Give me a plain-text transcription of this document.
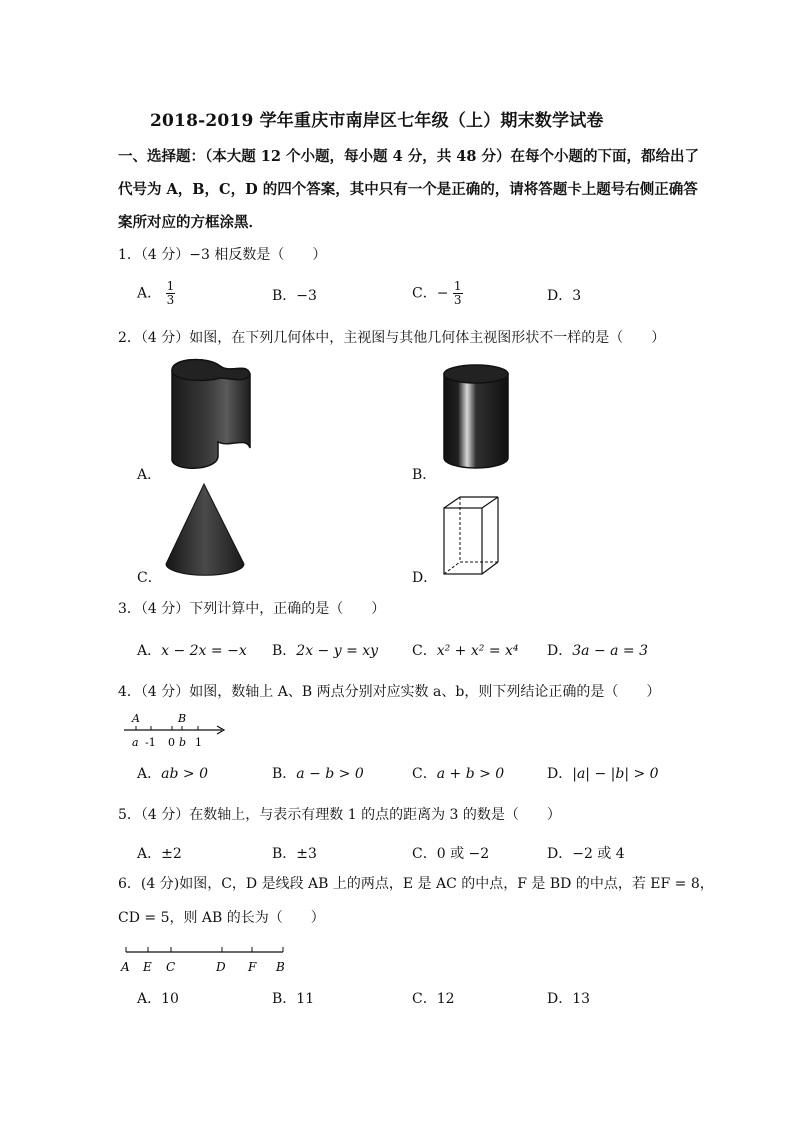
2018-2019 学年重庆市南岸区七年级（上）期末数学试卷
一、选择题：（本大题 12 个小题，每小题 4 分，共 48 分）在每个小题的下面，都给出了
代号为 A，B，C，D 的四个答案，其中只有一个是正确的，请将答题卡上题号右侧正确答
案所对应的方框涂黑．
1．（4 分）−3 相反数是（　　）
A． $\frac{1}{3}$	B．−3	C．− $\frac{1}{3}$	D．3
2．（4 分）如图，在下列几何体中，主视图与其他几何体主视图形状不一样的是（　　）
A．	B．
C．	D．
3．（4 分）下列计算中，正确的是（　　）
A．x − 2x = −x B．2x − y = xy C．x² + x² = x⁴ D．3a − a = 3
4．（4 分）如图，数轴上 A、B 两点分别对应实数 a、b，则下列结论正确的是（　　）
A	B
a -1 0 b 1
A．ab > 0	B．a − b > 0	C．a + b > 0	D．|a| − |b| > 0
5．（4 分）在数轴上，与表示有理数 1 的点的距离为 3 的数是（　　）
A．±2	B．±3	C．0 或 −2	D．−2 或 4
6．(4 分)如图，C，D 是线段 AB 上的两点，E 是 AC 的中点，F 是 BD 的中点，若 EF = 8，
CD = 5，则 AB 的长为（　　）
A E C	D F B
A．10	B．11	C．12	D．13
